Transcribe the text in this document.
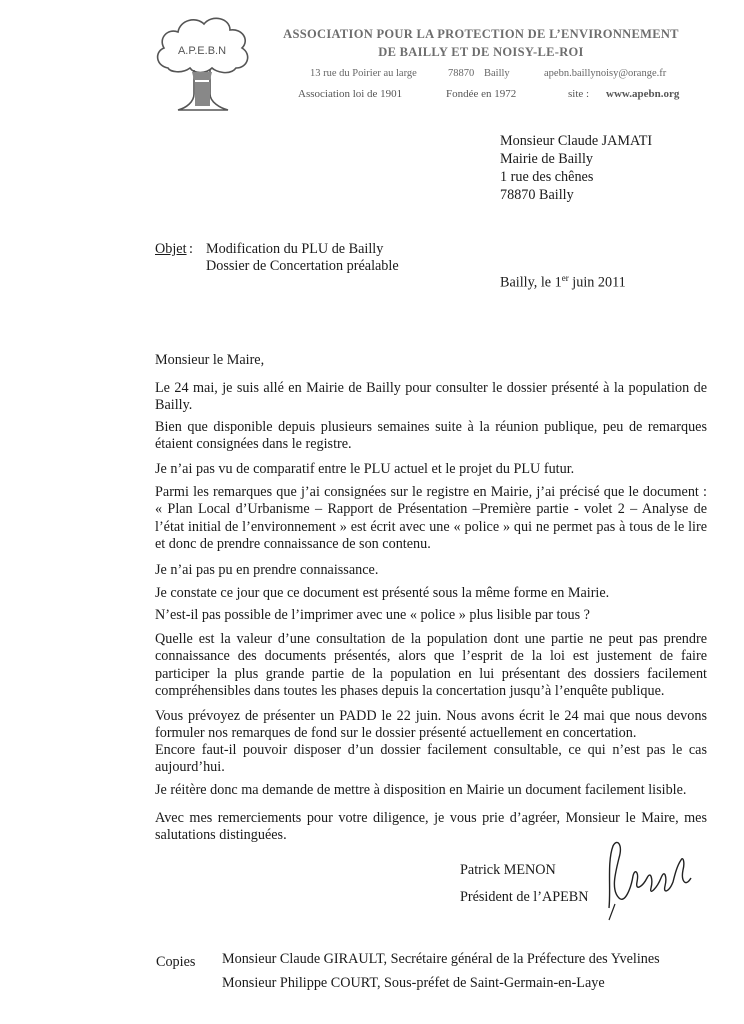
A.P.E.B.N
ASSOCIATION POUR LA PROTECTION DE L’ENVIRONNEMENT
DE BAILLY ET DE NOISY-LE-ROI
13 rue du Poirier au large	78870 Bailly	apebn.baillynoisy@orange.fr
Association loi de 1901	Fondée en 1972	site : www.apebn.org
Monsieur Claude JAMATI
Mairie de Bailly
1 rue des chênes
78870 Bailly
Objet : Modification du PLU de Bailly
Dossier de Concertation préalable
Bailly, le 1er juin 2011
Monsieur le Maire,
Le 24 mai, je suis allé en Mairie de Bailly pour consulter le dossier présenté à la population de Bailly.
Bien que disponible depuis plusieurs semaines suite à la réunion publique, peu de remarques étaient consignées dans le registre.
Je n’ai pas vu de comparatif entre le PLU actuel et le projet du PLU futur.
Parmi les remarques que j’ai consignées sur le registre en Mairie, j’ai précisé que le document : « Plan Local d’Urbanisme – Rapport de Présentation –Première partie - volet 2 – Analyse de l’état initial de l’environnement » est écrit avec une « police » qui ne permet pas à tous de le lire et donc de prendre connaissance de son contenu.
Je n’ai pas pu en prendre connaissance.
Je constate ce jour que ce document est présenté sous la même forme en Mairie.
N’est-il pas possible de l’imprimer avec une « police » plus lisible par tous ?
Quelle est la valeur d’une consultation de la population dont une partie ne peut pas prendre connaissance des documents présentés, alors que l’esprit de la loi est justement de faire participer la plus grande partie de la population en lui présentant des dossiers facilement compréhensibles dans toutes les phases depuis la concertation jusqu’à l’enquête publique.
Vous prévoyez de présenter un PADD le 22 juin. Nous avons écrit le 24 mai que nous devons formuler nos remarques de fond sur le dossier présenté actuellement en concertation.
Encore faut-il pouvoir disposer d’un dossier facilement consultable, ce qui n’est pas le cas aujourd’hui.
Je réitère donc ma demande de mettre à disposition en Mairie un document facilement lisible.
Avec mes remerciements pour votre diligence, je vous prie d’agréer, Monsieur le Maire, mes salutations distinguées.
Patrick MENON
Président de l’APEBN
Copies Monsieur Claude GIRAULT, Secrétaire général de la Préfecture des Yvelines
Monsieur Philippe COURT, Sous-préfet de Saint-Germain-en-Laye
